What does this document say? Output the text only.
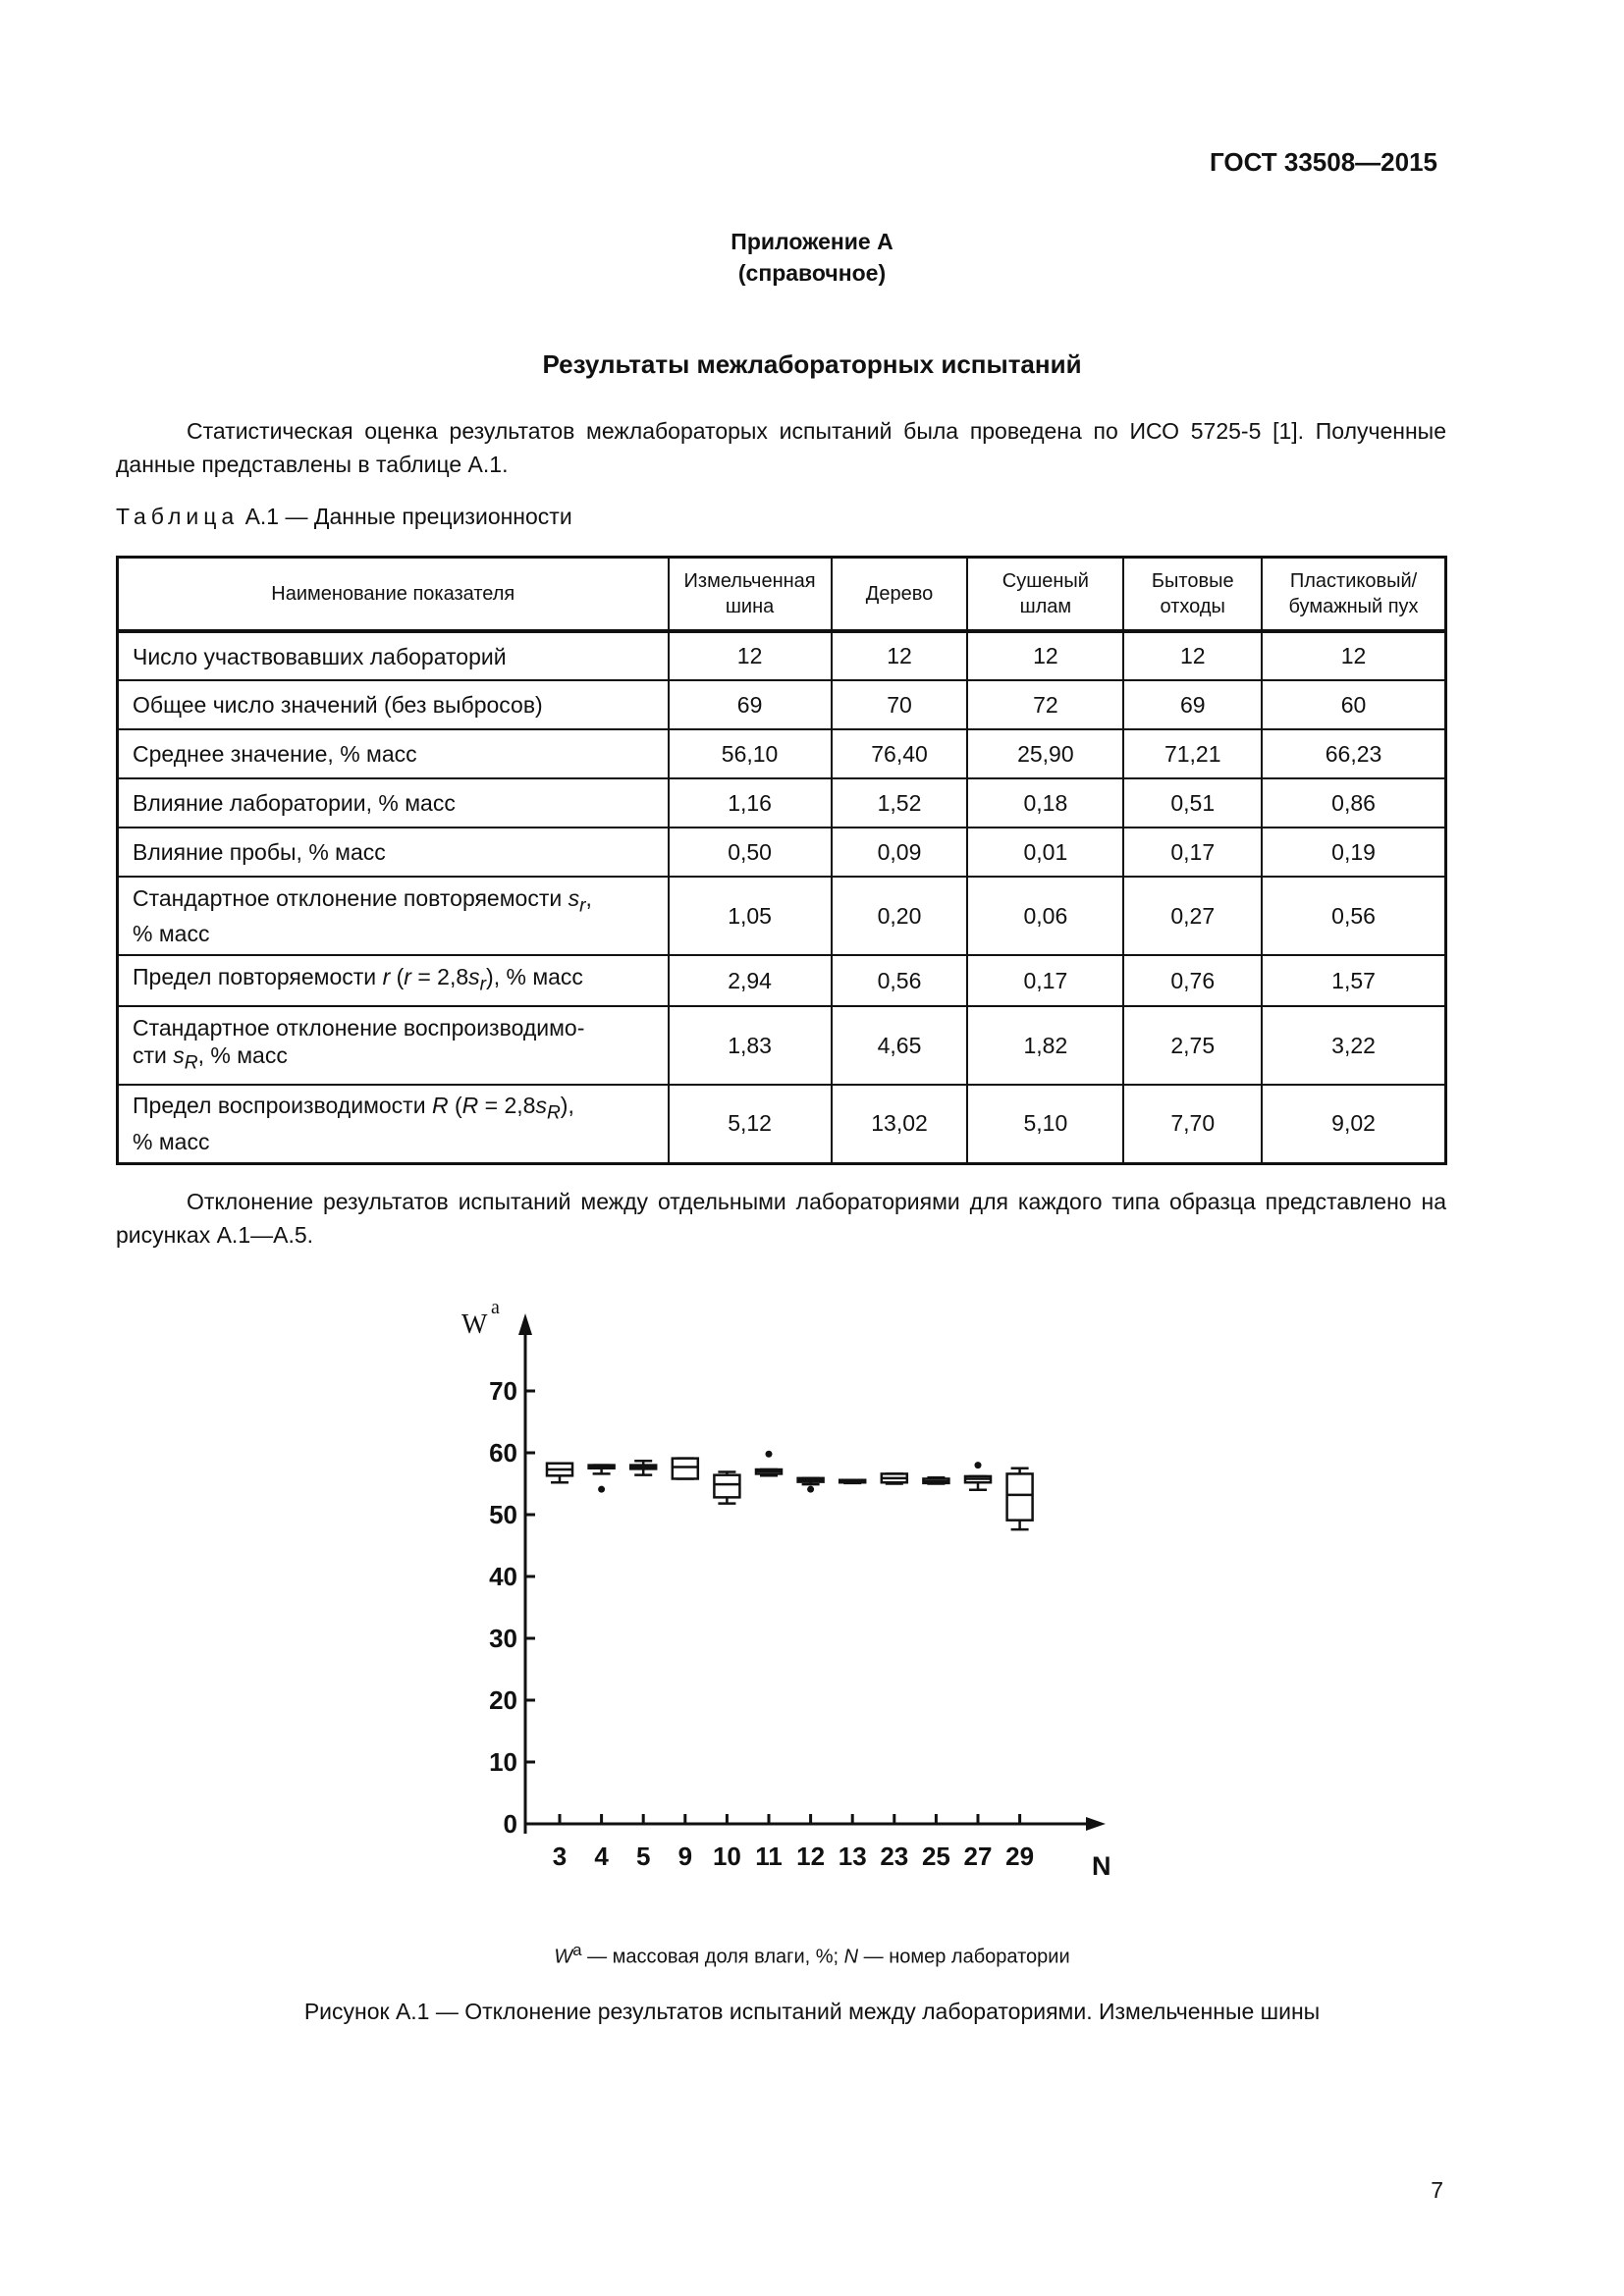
ГОСТ 33508—2015
Приложение А
(справочное)
Результаты межлабораторных испытаний
Статистическая оценка результатов межлабораторых испытаний была проведена по ИСО 5725-5 [1]. Полученные данные представлены в таблице А.1.
Таблица А.1 — Данные прецизионности
Наименование показателя	Измельченная шина	Дерево	Сушеный шлам	Бытовые отходы	Пластиковый/ бумажный пух
Число участвовавших лабораторий	12	12	12	12	12
Общее число значений (без выбросов)	69	70	72	69	60
Среднее значение, % масс	56,10	76,40	25,90	71,21	66,23
Влияние лаборатории, % масс	1,16	1,52	0,18	0,51	0,86
Влияние пробы, % масс	0,50	0,09	0,01	0,17	0,19
Стандартное отклонение повторяемости $s_r$,
% масс	1,05	0,20	0,06	0,27	0,56
Предел повторяемости r $(r = 2,8s_r)$, % масс	2,94	0,56	0,17	0,76	1,57
Стандартное отклонение воспроизводимо-
сти $s_R$, % масс	1,83	4,65	1,82	2,75	3,22
Предел воспроизводимости R $(R = 2,8s_R)$,
% масс	5,12	13,02	5,10	7,70	9,02
Отклонение результатов испытаний между отдельными лабораториями для каждого типа образца представлено на рисунках А.1—А.5.
0
10
20
30
40
50
60
70
W
a
3 4 5 9 10 11 12 13 23 25 27 29 N
$W^a$ — массовая доля влаги, %; N — номер лаборатории
Рисунок А.1 — Отклонение результатов испытаний между лабораториями. Измельченные шины
7
